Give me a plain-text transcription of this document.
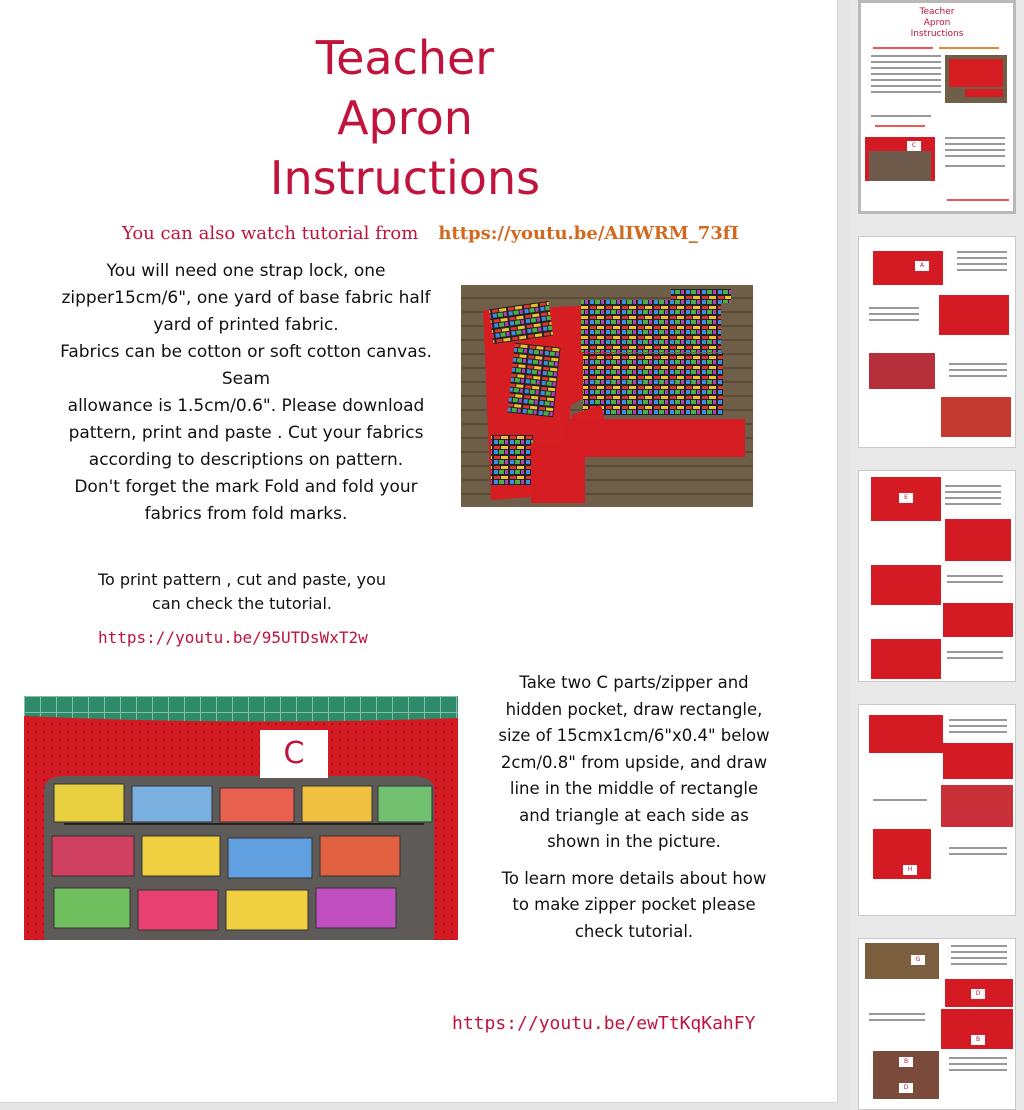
Teacher
Apron
Instructions
You can also watch tutorial from https://youtu.be/AlIWRM_73fI
You will need one strap lock, one
zipper15cm/6", one yard of base fabric half
yard of printed fabric.
Fabrics can be cotton or soft cotton canvas.
Seam
allowance is 1.5cm/0.6". Please download
pattern, print and paste . Cut your fabrics
according to descriptions on pattern.
Don't forget the mark Fold and fold your
fabrics from fold marks.
To print pattern , cut and paste, you
can check the tutorial.
https://youtu.be/95UTDsWxT2w
C

Take two C parts/zipper and
hidden pocket, draw rectangle,
size of 15cmx1cm/6"x0.4" below
2cm/0.8" from upside, and draw
line in the middle of rectangle
and triangle at each side as
shown in the picture.

To learn more details about how
to make zipper pocket please
check tutorial.

https://youtu.be/ewTtKqKahFY
Teacher
Apron
Instructions
C
A
E
H
G
D
B
B
D
